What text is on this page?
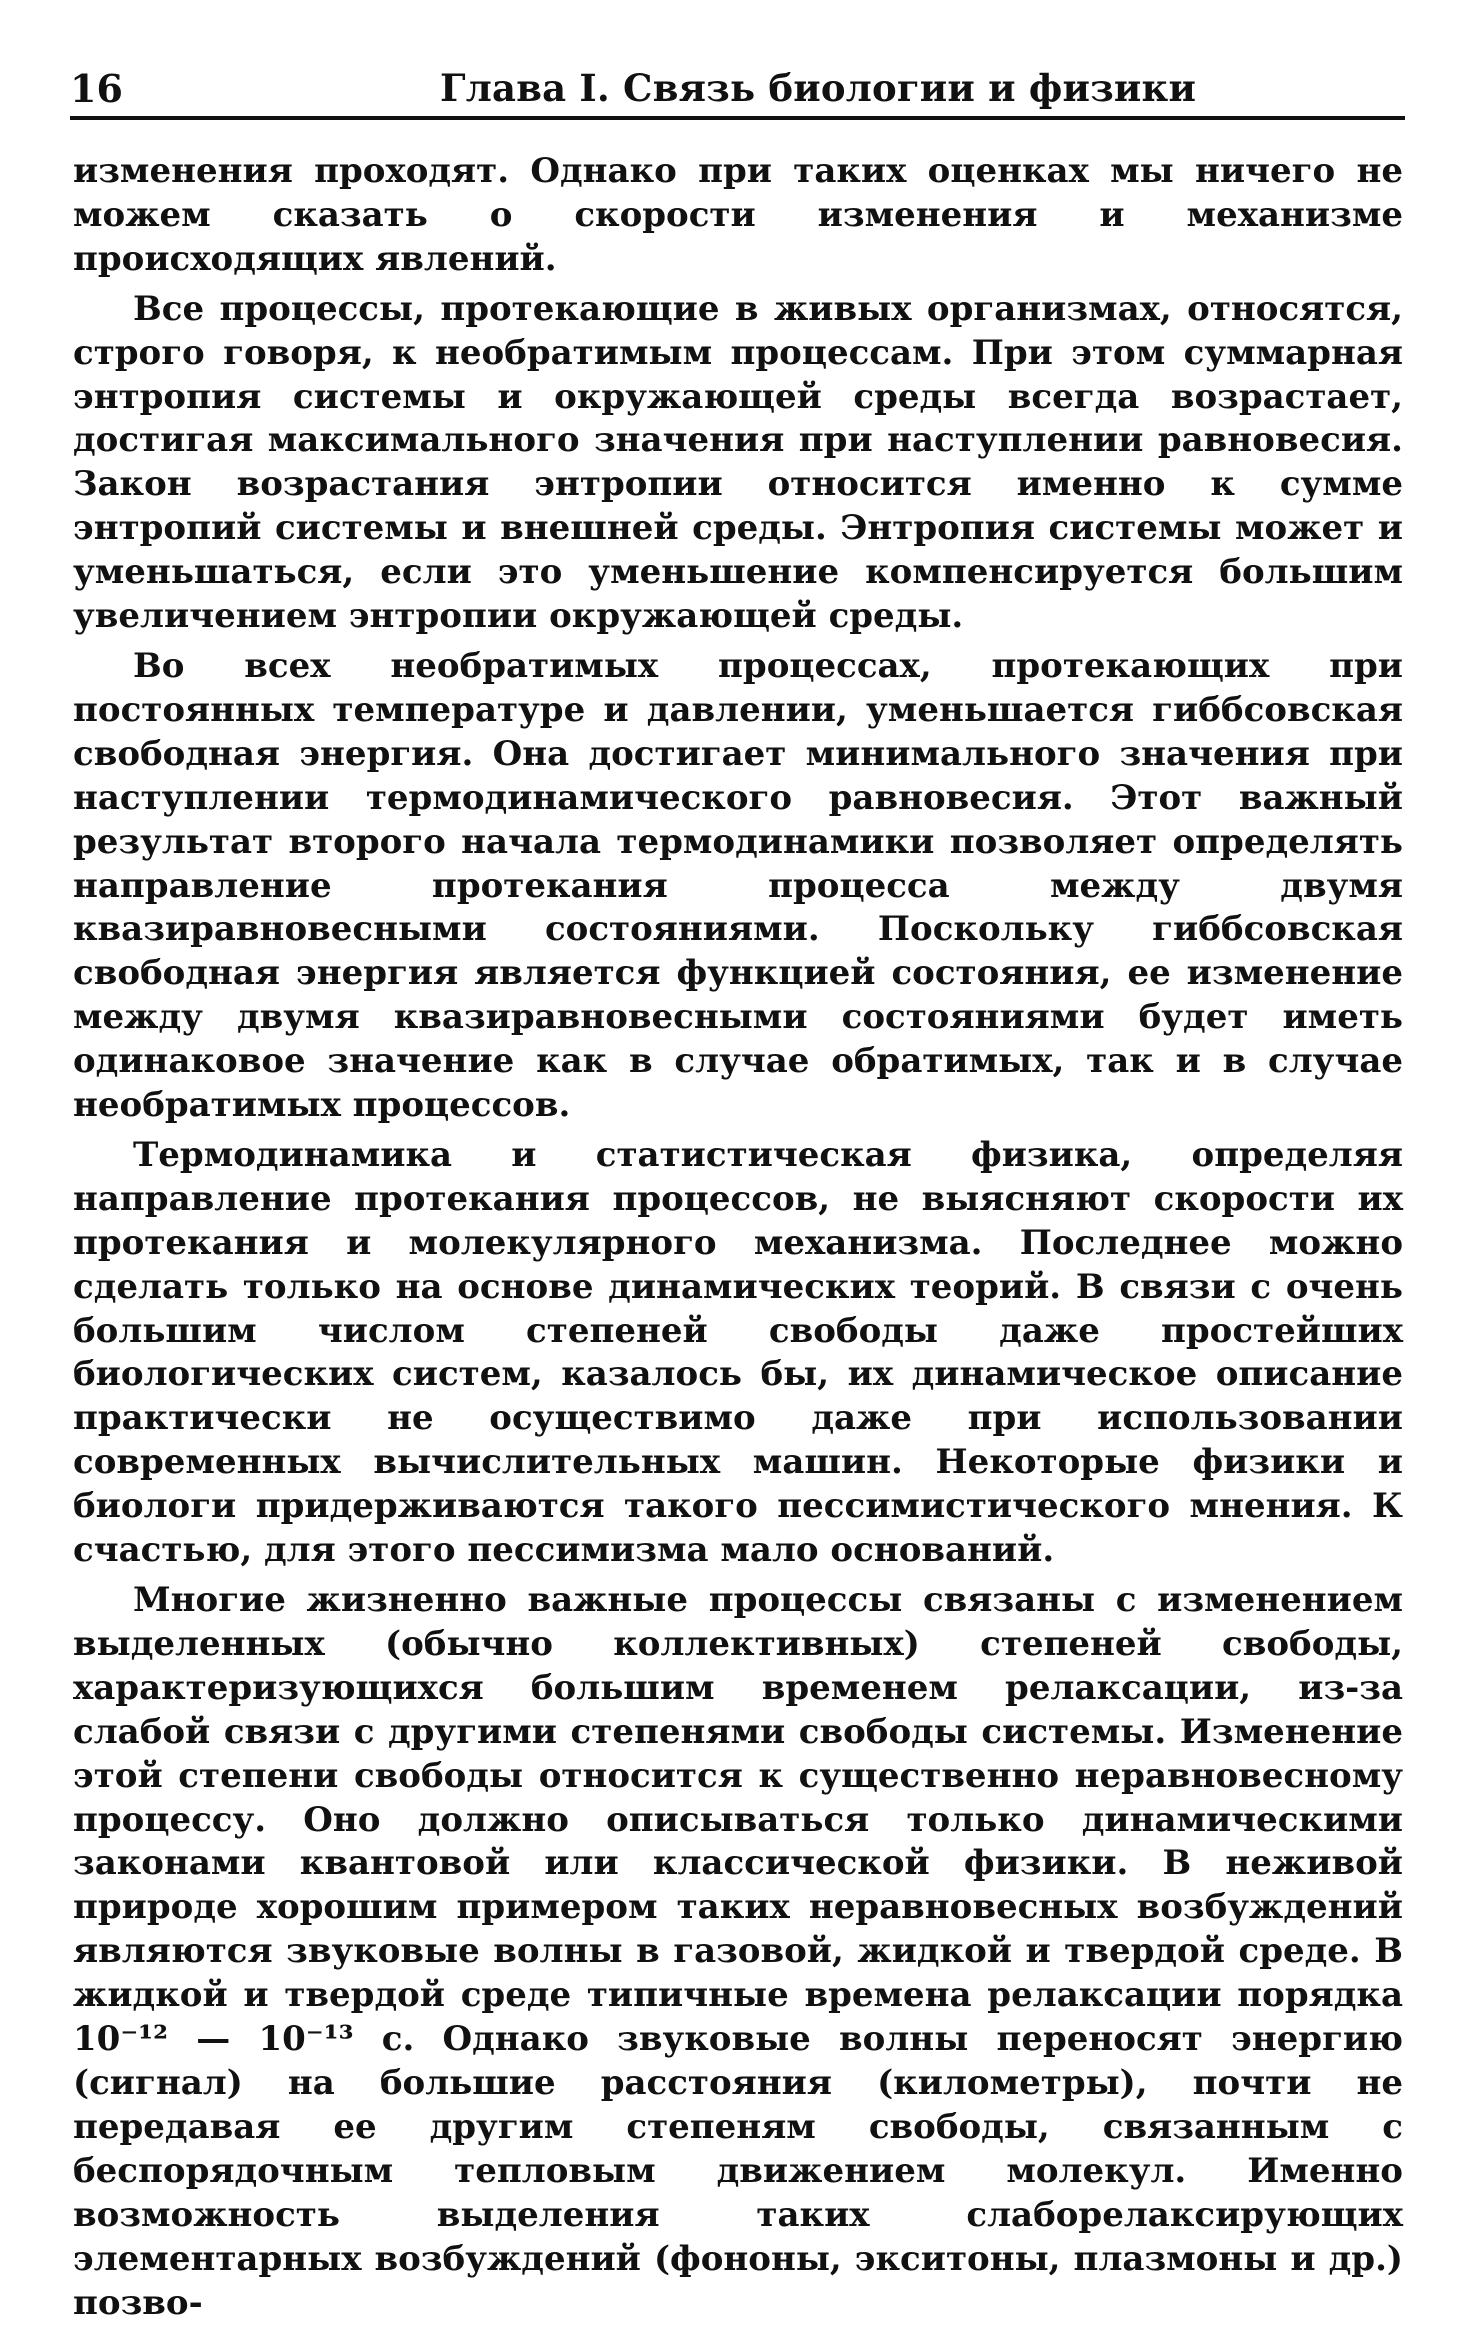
16	Глава I. Связь биологии и физики

изменения проходят. Однако при таких оценках мы ничего не можем сказать о скорости изменения и механизме происходящих явлений.

Все процессы, протекающие в живых организмах, относятся, строго говоря, к необратимым процессам. При этом суммарная энтропия системы и окружающей среды всегда возрастает, достигая максимального значения при наступлении равновесия. Закон возрастания энтропии относится именно к сумме энтропий системы и внешней среды. Энтропия системы может и уменьшаться, если это уменьшение компенсируется большим увеличением энтропии окружающей среды.

Во всех необратимых процессах, протекающих при постоянных температуре и давлении, уменьшается гиббсовская свободная энергия. Она достигает минимального значения при наступлении термодинамического равновесия. Этот важный результат второго начала термодинамики позволяет определять направление протекания процесса между двумя квазиравновесными состояниями. Поскольку гиббсовская свободная энергия является функцией состояния, ее изменение между двумя квазиравновесными состояниями будет иметь одинаковое значение как в случае обратимых, так и в случае необратимых процессов.

Термодинамика и статистическая физика, определяя направление протекания процессов, не выясняют скорости их протекания и молекулярного механизма. Последнее можно сделать только на основе динамических теорий. В связи с очень большим числом степеней свободы даже простейших биологических систем, казалось бы, их динамическое описание практически не осуществимо даже при использовании современных вычислительных машин. Некоторые физики и биологи придерживаются такого пессимистического мнения. К счастью, для этого пессимизма мало оснований.

Многие жизненно важные процессы связаны с изменением выделенных (обычно коллективных) степеней свободы, характеризующихся большим временем релаксации, из-за слабой связи с другими степенями свободы системы. Изменение этой степени свободы относится к существенно неравновесному процессу. Оно должно описываться только динамическими законами квантовой или классической физики. В неживой природе хорошим примером таких неравновесных возбуждений являются звуковые волны в газовой, жидкой и твердой среде. В жидкой и твердой среде типичные времена релаксации порядка 10⁻¹² — 10⁻¹³ с. Однако звуковые волны переносят энергию (сигнал) на большие расстояния (километры), почти не передавая ее другим степеням свободы, связанным с беспорядочным тепловым движением молекул. Именно возможность выделения таких слаборелаксирующих элементарных возбуждений (фононы, экситоны, плазмоны и др.) позво-
